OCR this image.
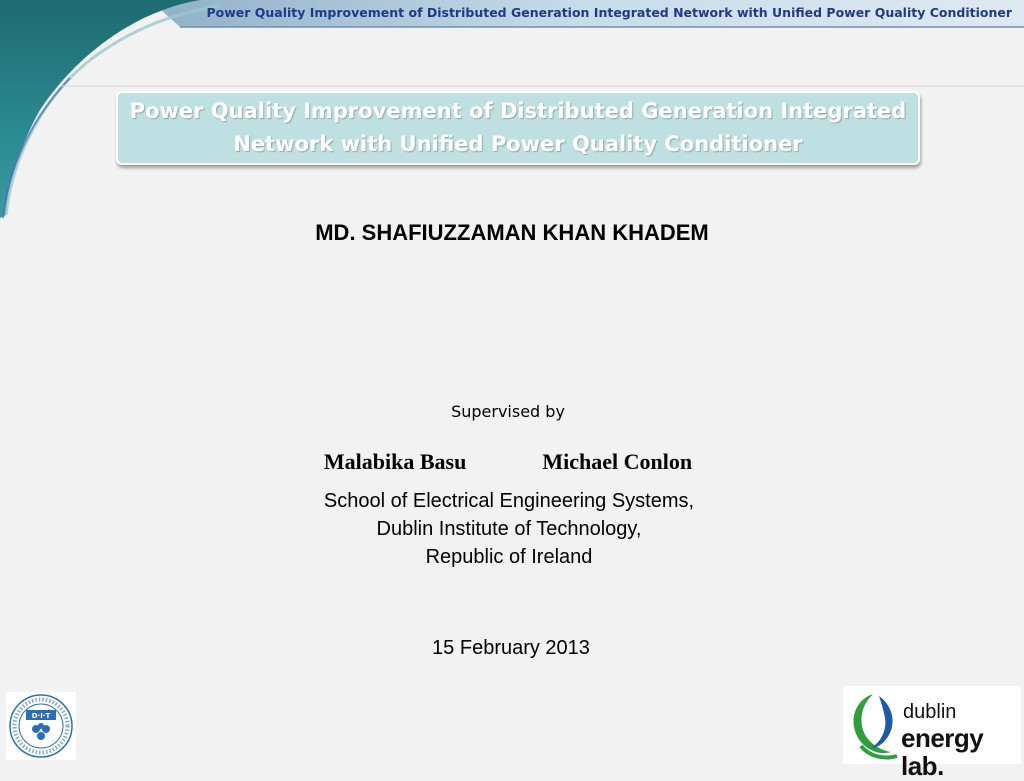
Power Quality Improvement of Distributed Generation Integrated Network with Unified Power Quality Conditioner
Power Quality Improvement of Distributed Generation Integrated Network with Unified Power Quality Conditioner
MD. SHAFIUZZAMAN KHAN KHADEM
Supervised by
Malabika Basu	Michael Conlon
School of Electrical Engineering Systems,
Dublin Institute of Technology,
Republic of Ireland
15 February 2013
D·I·T	dublin
energy lab.
